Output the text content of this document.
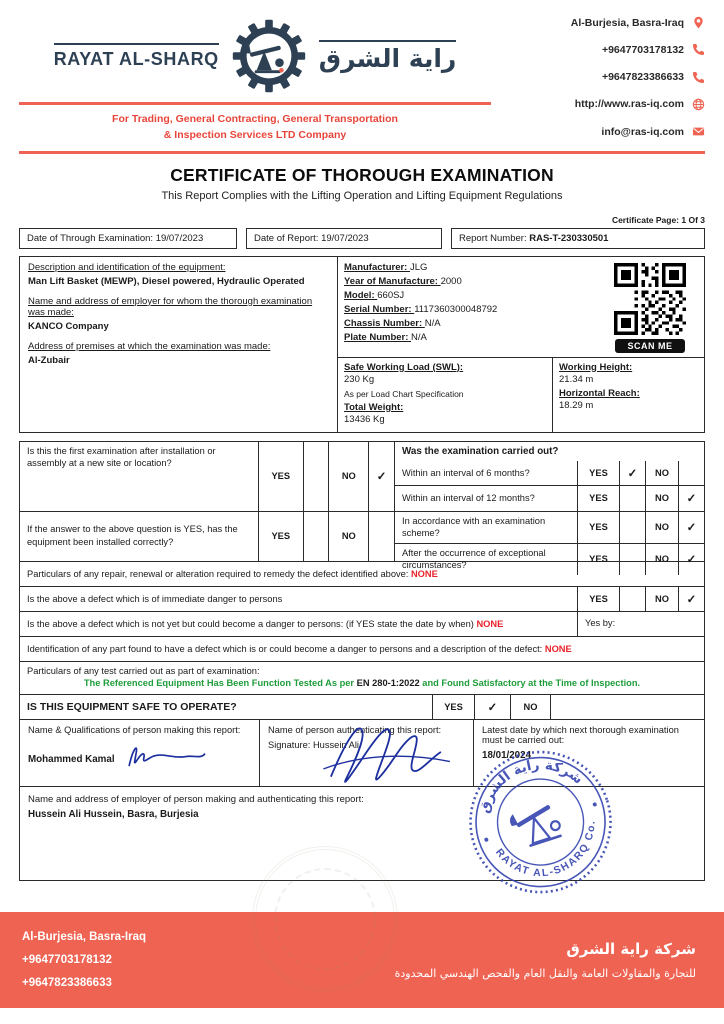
RAYAT AL-SHARQ	راية الشرق
For Trading, General Contracting, General Transportation
& Inspection Services LTD Company
Al-Burjesia, Basra-Iraq
+9647703178132
+9647823386633
http://www.ras-iq.com
info@ras-iq.com
CERTIFICATE OF THOROUGH EXAMINATION
This Report Complies with the Lifting Operation and Lifting Equipment Regulations
Certificate Page: 1 Of 3
Date of Through Examination: 19/07/2023	Date of Report: 19/07/2023	Report Number: RAS-T-230330501
Description and identification of the equipment:
Man Lift Basket (MEWP), Diesel powered, Hydraulic Operated
Name and address of employer for whom the thorough examination was made:
KANCO Company
Address of premises at which the examination was made:
Al-Zubair
Manufacturer: JLG
Year of Manufacture: 2000
Model: 660SJ
Serial Number: 1117360300048792
Chassis Number: N/A
Plate Number: N/A
SCAN ME
Safe Working Load (SWL):
230 Kg
As per Load Chart Specification
Total Weight:
13436 Kg
Working Height:
21.34 m
Horizontal Reach:
18.29 m
Is this the first examination after installation or assembly at a new site or location?
YES	NO	✓
Was the examination carried out?
Within an interval of 6 months?	YES	✓	NO
Within an interval of 12 months?	YES	NO	✓
If the answer to the above question is YES, has the equipment been installed correctly?
YES	NO
In accordance with an examination scheme?
YES	NO	✓
After the occurrence of exceptional circumstances?
YES	NO	✓
Particulars of any repair, renewal or alteration required to remedy the defect identified above: NONE
Is the above a defect which is of immediate danger to persons	YES	NO	✓
Is the above a defect which is not yet but could become a danger to persons: (if YES state the date by when) NONE	Yes by:
Identification of any part found to have a defect which is or could become a danger to persons and a description of the defect: NONE
Particulars of any test carried out as part of examination:
The Referenced Equipment Has Been Function Tested As per EN 280-1:2022 and Found Satisfactory at the Time of Inspection.
IS THIS EQUIPMENT SAFE TO OPERATE?	YES	✓	NO
Name & Qualifications of person making this report:
Mohammed Kamal
Name of person authenticating this report:
Signature: Hussein Ali
Latest date by which next thorough examination must be carried out:
18/01/2024
Name and address of employer of person making and authenticating this report:
Hussein Ali Hussein, Basra, Burjesia	شركة راية الشرق
RAYAT AL-SHARQ Co.
Al-Burjesia, Basra-Iraq
+9647703178132
+9647823386633
شركة راية الشرق
للتجارة والمقاولات العامة والنقل العام والفحص الهندسي المحدودة
